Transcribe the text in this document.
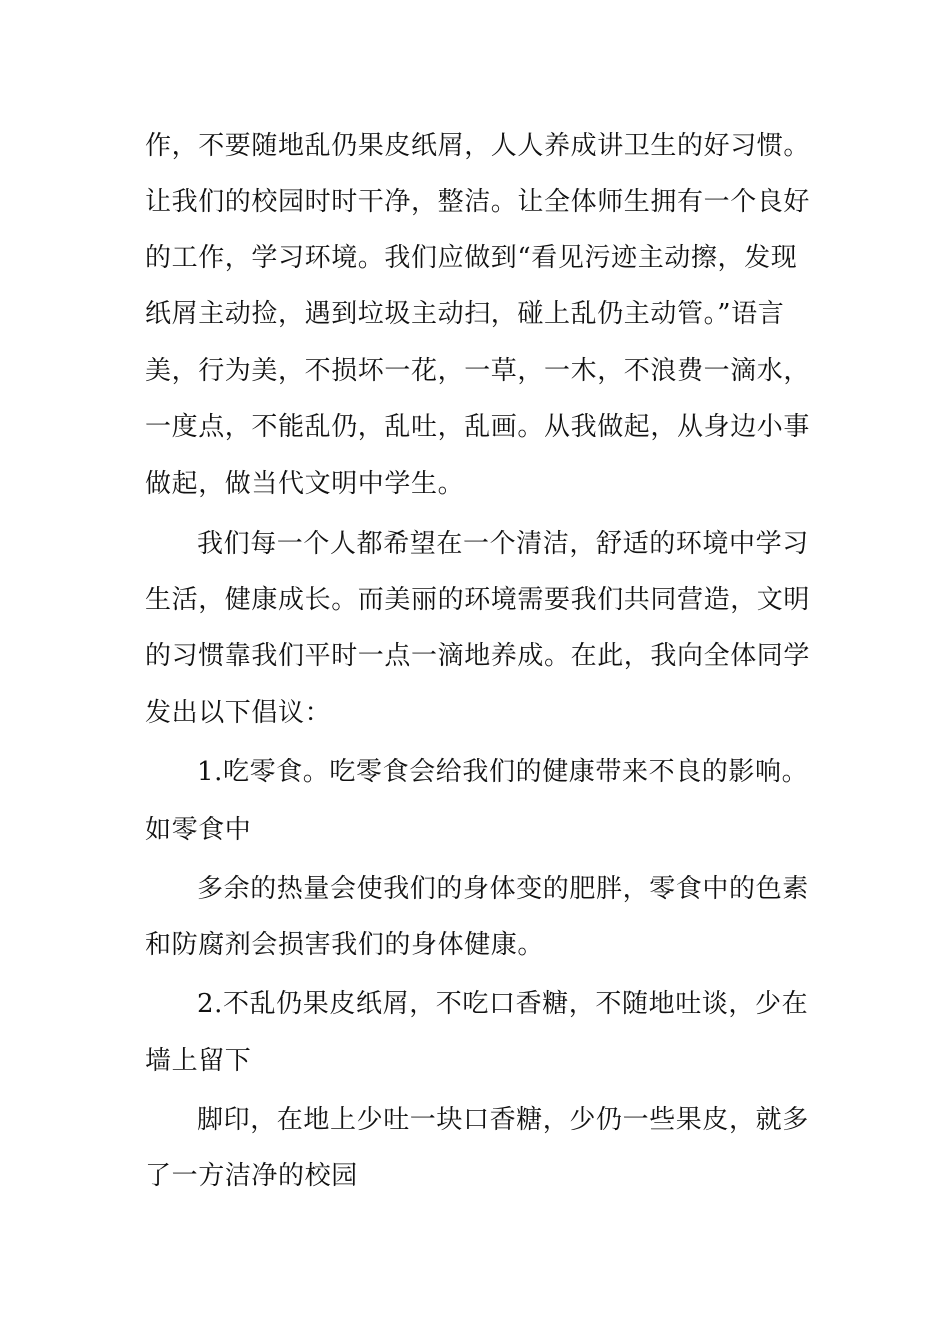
作，不要随地乱仍果皮纸屑，人人养成讲卫生的好习惯。
让我们的校园时时干净，整洁。让全体师生拥有一个良好
的工作，学习环境。我们应做到“看见污迹主动擦，发现
纸屑主动捡，遇到垃圾主动扫，碰上乱仍主动管。”语言
美，行为美，不损坏一花，一草，一木，不浪费一滴水，
一度点，不能乱仍，乱吐，乱画。从我做起，从身边小事
做起，做当代文明中学生。
我们每一个人都希望在一个清洁，舒适的环境中学习
生活，健康成长。而美丽的环境需要我们共同营造，文明
的习惯靠我们平时一点一滴地养成。在此，我向全体同学
发出以下倡议：
1.吃零食。吃零食会给我们的健康带来不良的影响。
如零食中
多余的热量会使我们的身体变的肥胖，零食中的色素
和防腐剂会损害我们的身体健康。
2.不乱仍果皮纸屑，不吃口香糖，不随地吐谈，少在
墙上留下
脚印，在地上少吐一块口香糖，少仍一些果皮，就多
了一方洁净的校园
